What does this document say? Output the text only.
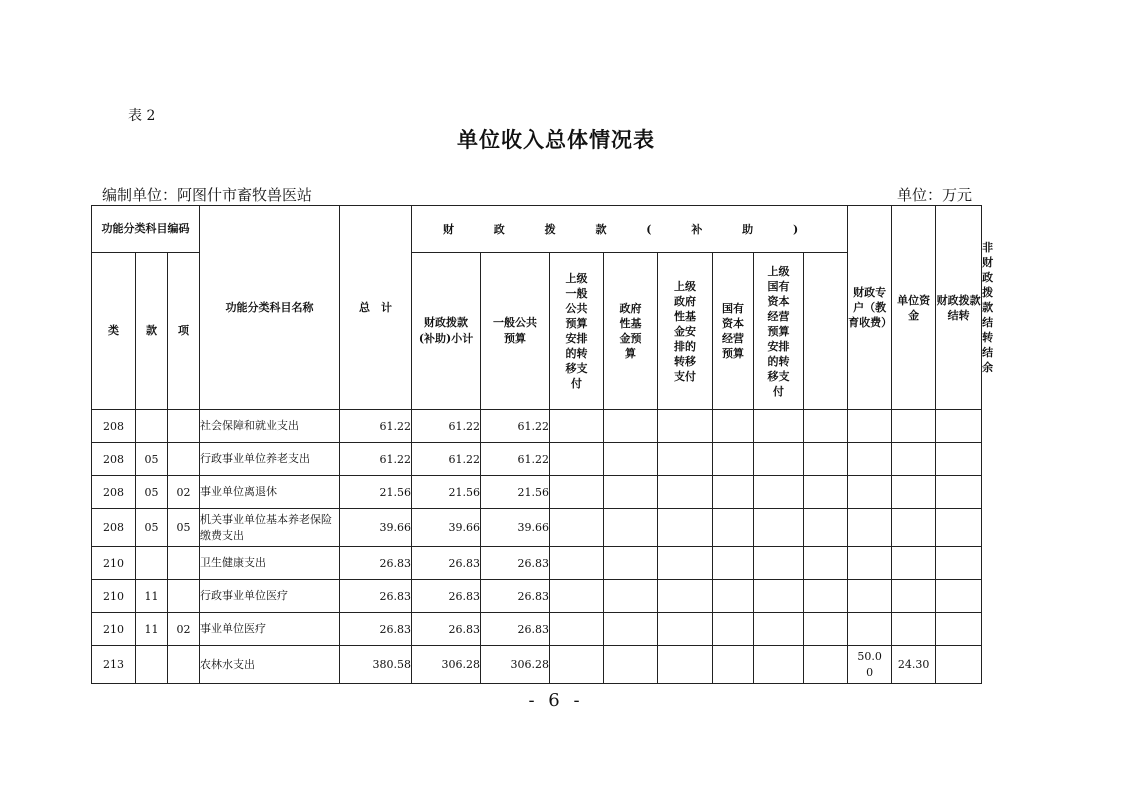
表 2
单位收入总体情况表
编制单位：阿图什市畜牧兽医站	单位：万元
功能分类科目编码			功能分类科目名称	总　计	财 政 拨 款 ( 补 助 )								财政专户（教育收费）	单位资金	财政拨款结转	非财政拨款结转结余
类	款	项			财政拨款(补助)小计	一般公共预算	上级一般公共预算安排的转移支付	政府性基金预算	上级政府性基金安排的转移支付	国有资本经营预算	上级国有资本经营预算安排的转移支付					
208			社会保障和就业支出	61.22	61.22	61.22										
208	05		行政事业单位养老支出	61.22	61.22	61.22										
208	05	02	事业单位离退休	21.56	21.56	21.56										
208	05	05	机关事业单位基本养老保险缴费支出	39.66	39.66	39.66										
210			卫生健康支出	26.83	26.83	26.83										
210	11		行政事业单位医疗	26.83	26.83	26.83										
210	11	02	事业单位医疗	26.83	26.83	26.83										
213			农林水支出	380.58	306.28	306.28							50.00	24.30		
- 6 -
